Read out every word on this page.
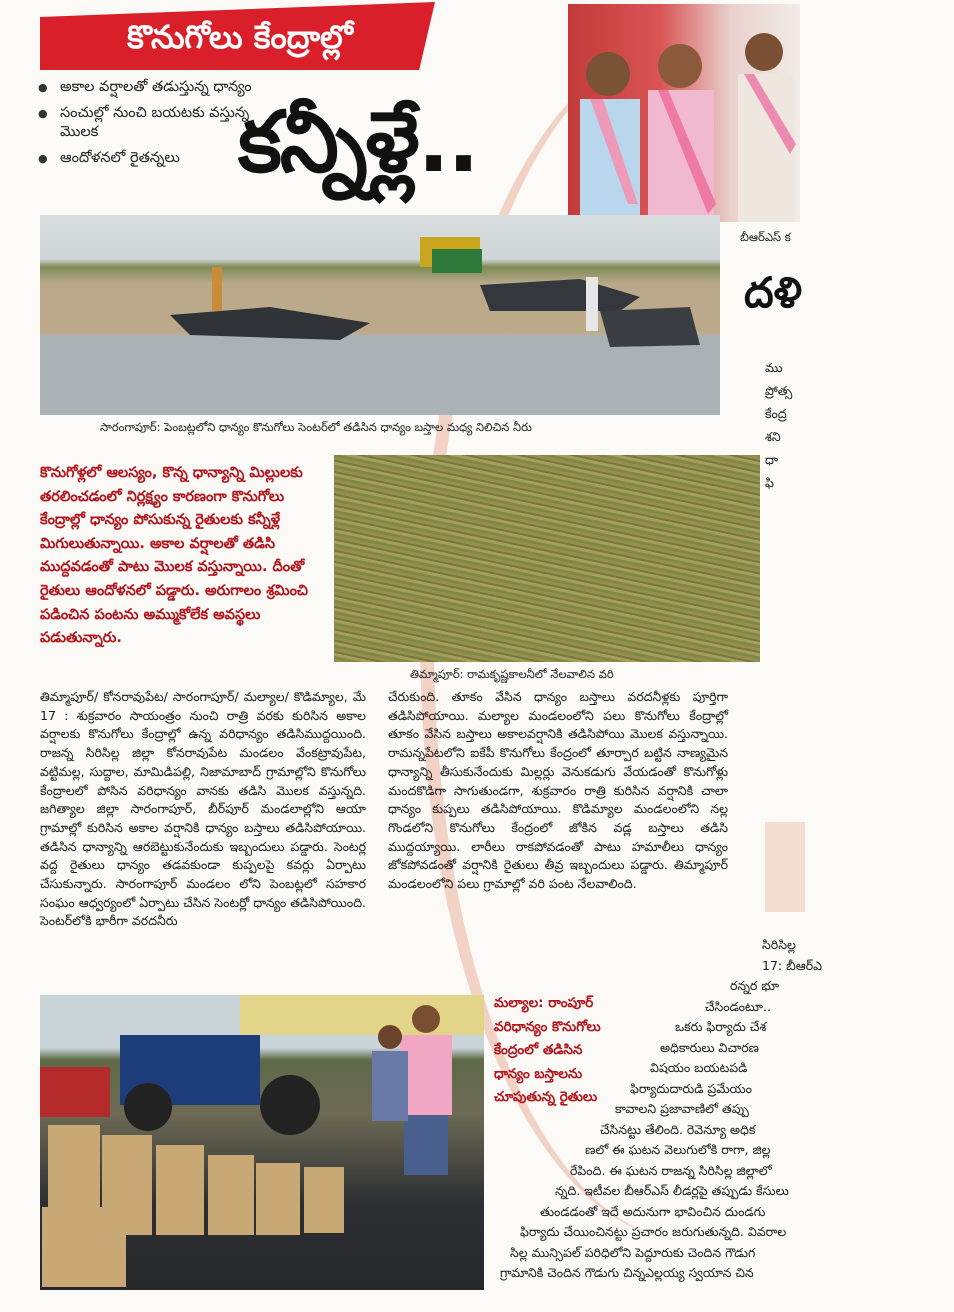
బీఆర్‌ఎస్ క
కొనుగోలు కేంద్రాల్లో
● అకాల వర్షాలతో తడుస్తున్న ధాన్యం
● సంచుల్లో నుంచి బయటకు వస్తున్న మొలక
● ఆందోళనలో రైతన్నలు కన్నీళ్లే..
సారంగాపూర్: పెంబట్లలోని ధాన్యం కొనుగోలు సెంటర్‌లో తడిసిన ధాన్యం బస్తాల మధ్య నిలిచిన నీరు
కొనుగోళ్లలో ఆలస్యం, కొన్న ధాన్యాన్ని మిల్లులకు తరలించడంలో నిర్లక్ష్యం కారణంగా కొనుగోలు కేంద్రాల్లో ధాన్యం పోసుకున్న రైతులకు కన్నీళ్లే మిగులుతున్నాయి. అకాల వర్షాలతో తడిసి ముద్దవడంతో పాటు మొలక వస్తున్నాయి. దీంతో రైతులు ఆందోళనలో పడ్డారు. అరుగాలం శ్రమించి పడించిన పంటను అమ్ముకోలేక అవస్థలు పడుతున్నారు.
తిమ్మాపూర్: రామకృష్ణకాలనీలో నేలవాలిన వరి
తిమ్మాపూర్/ కోనరావుపేట/ సారంగాపూర్/ మల్యాల/ కొడిమ్యాల, మే 17 : శుక్రవారం సాయంత్రం నుంచి రాత్రి వరకు కురిసిన అకాల వర్షాలకు కొనుగోలు కేంద్రాల్లో ఉన్న వరిధాన్యం తడిసిముద్దయింది. రాజన్న సిరిసిల్ల జిల్లా కోనరావుపేట మండలం వేంకట్రావుపేట, వట్టిమల్ల, సుద్దాల, మామిడిపల్లి, నిజామాబాద్ గ్రామాల్లోని కొనుగోలు కేంద్రాలలో పోసిన వరిధాన్యం వానకు తడిసి మొలక వస్తున్నది. జగిత్యాల జిల్లా సారంగాపూర్, బీర్‌పూర్ మండలాల్లోని ఆయా గ్రామాల్లో కురిసిన అకాల వర్షానికి ధాన్యం బస్తాలు తడిసిపోయాయి. తడిసిన ధాన్యాన్ని ఆరబెట్టుకునేందుకు ఇబ్బందులు పడ్డారు. సెంటర్ల వద్ద రైతులు ధాన్యం తడవకుండా కుప్పలపై కవర్లు ఏర్పాటు చేసుకున్నారు. సారంగాపూర్ మండలం లోని పెంబట్లలో సహకార సంఘం ఆధ్వర్యంలో ఏర్పాటు చేసిన సెంటర్లో ధాన్యం తడిసిపోయింది. సెంటర్‌లోకి భారీగా వరదనీరు
చేరుకుంది. తూకం వేసిన ధాన్యం బస్తాలు వరదనీళ్లకు పూర్తిగా తడిసిపోయాయి. మల్యాల మండలంలోని పలు కొనుగోలు కేంద్రాల్లో తూకం వేసిన బస్తాలు అకాలవర్షానికి తడిసిపోయి మొలక వస్తున్నాయి. రామన్నపేటలోని ఐకేపీ కొనుగోలు కేంద్రంలో తూర్పార బట్టిన నాణ్యమైన ధాన్యాన్ని తీసుకునేందుకు మిల్లర్లు వెనుకడుగు వేయడంతో కొనుగోళ్లు మందకొడిగా సాగుతుండగా, శుక్రవారం రాత్రి కురిసిన వర్షానికి చాలా ధాన్యం కుప్పలు తడిసిపోయాయి. కొడిమ్యాల మండలంలోని నల్ల గొండలోని కొనుగోలు కేంద్రంలో జోకిన వడ్ల బస్తాలు తడిసి ముద్దయ్యాయి. లారీలు రాకపోవడంతో పాటు హమాలీలు ధాన్యం జోకపోవడంతో వర్షానికి రైతులు తీవ్ర ఇబ్బందులు పడ్డారు. తిమ్మాపూర్ మండలంలోని పలు గ్రామాల్లో వరి పంట నేలవాలింది.
మల్యాల: రాంపూర్ వరిధాన్యం కొనుగోలు కేంద్రంలో తడిసిన ధాన్యం బస్తాలను చూపుతున్న రైతులు
దళి
ము
ప్రోత్స
కేంద్ర
శని
ధా
ఫి
సిరిసిల్ల
17: బీఆర్‌ఎ
రన్నర భూ
చేసిండంటూ..
ఒకరు ఫిర్యాదు చేశ
అధికారులు విచారణ
విషయం బయటపడి
ఫిర్యాదుదారుడి ప్రమేయం
కావాలని ప్రజావాణిలో తప్పు
చేసినట్టు తేలింది. రెవెన్యూ అధిక
ణలో ఈ ఘటన వెలుగులోకి రాగా, జిల్ల
రేపింది. ఈ ఘటన రాజన్న సిరిసిల్ల జిల్లాలో
న్నది. ఇటీవల బీఆర్‌ఎస్ లీడర్లపై తప్పుడు కేసులు
తుండడంతో ఇదే అదునుగా భావించిన దుండగు
ఫిర్యాదు చేయించినట్టు ప్రచారం జరుగుతున్నది. వివరాల
సిల్ల మున్సిపల్ పరిధిలోని పెద్దూరుకు చెందిన గౌడుగ
గ్రామానికి చెందిన గౌడుగు చిన్నఎల్లయ్య స్వయాన చిన
